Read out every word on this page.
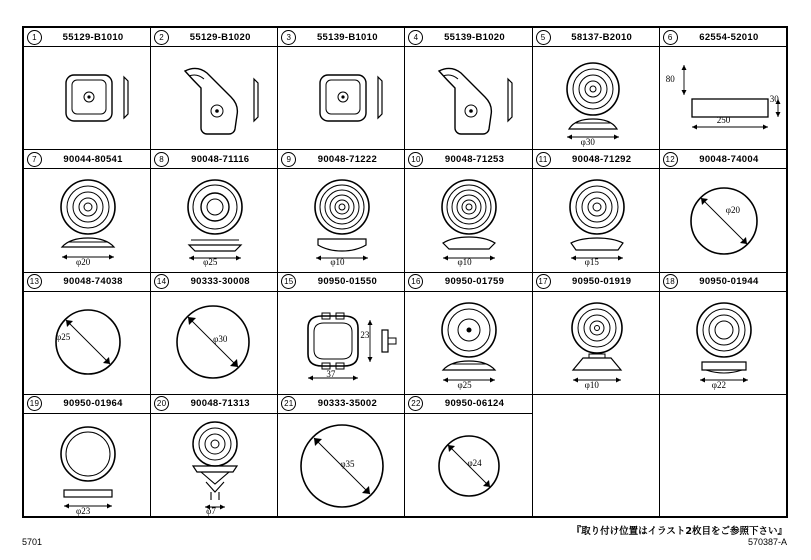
1	55129-B1010	2	55129-B1020	3	55139-B1010	4	55139-B1020	5	58137-B2010
φ30

6	62554-52010
80
250
30

7	90044-80541
φ20

8	90048-71116
φ25

9	90048-71222
φ10

10	90048-71253
φ10

11	90048-71292
φ15

12	90048-74004
φ20

13	90048-74038
φ25

14	90333-30008
φ30

15	90950-01550
23
37

16	90950-01759
φ25

17	90950-01919
φ10

18	90950-01944
φ22

19	90950-01964
φ23

20	90048-71313
φ7

21	90333-35002
φ35

22	90950-06124
φ24

『取り付け位置はイラスト2枚目をご参照下さい』
570387-A
5701
